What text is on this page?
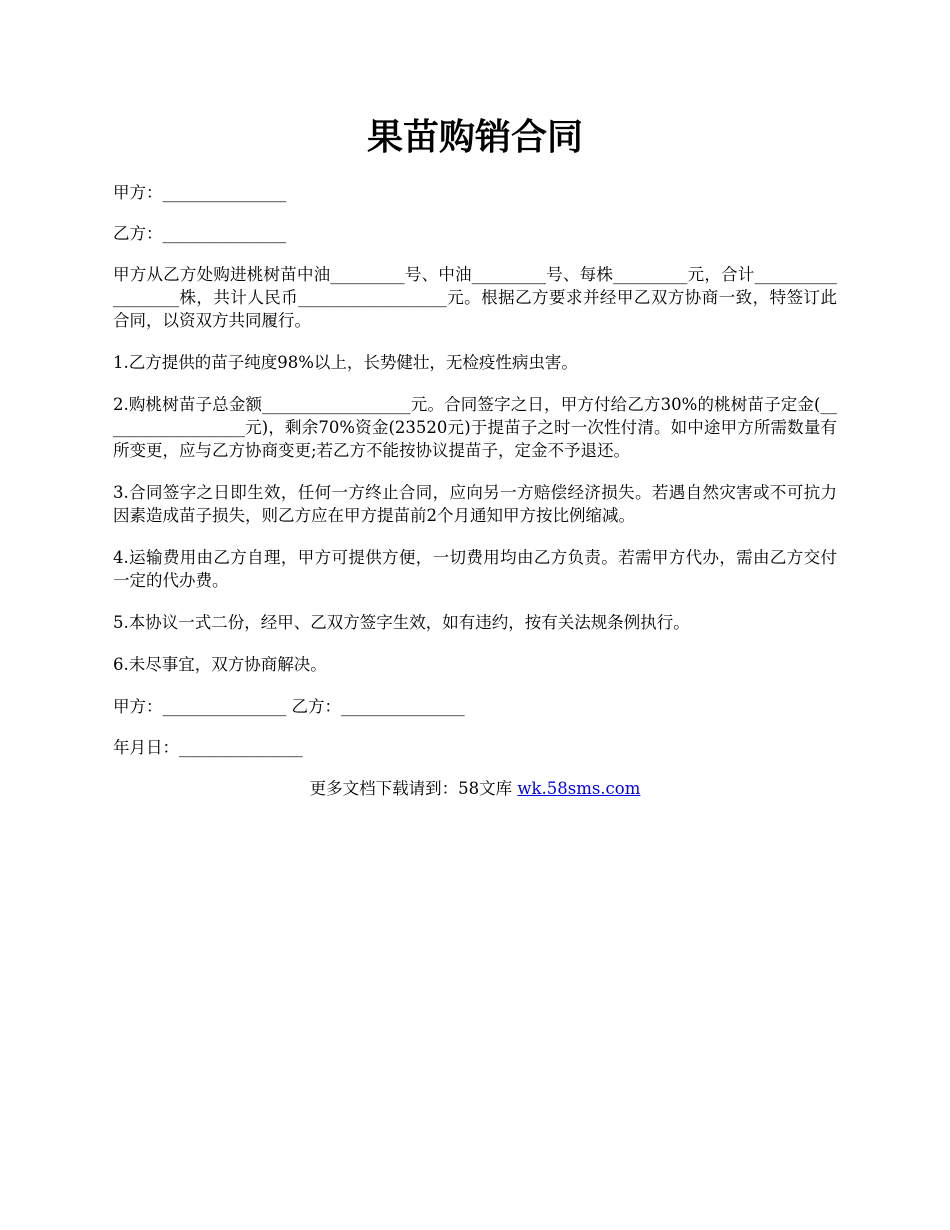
果苗购销合同

甲方：_______________

乙方：_______________

甲方从乙方处购进桃树苗中油_________号、中油_________号、每株_________元，合计__________________株，共计人民币__________________元。根据乙方要求并经甲乙双方协商一致，特签订此合同，以资双方共同履行。

1.乙方提供的苗子纯度98%以上，长势健壮，无检疫性病虫害。

2.购桃树苗子总金额__________________元。合同签字之日，甲方付给乙方30%的桃树苗子定金(__________________元)，剩余70%资金(23520元)于提苗子之时一次性付清。如中途甲方所需数量有所变更，应与乙方协商变更;若乙方不能按协议提苗子，定金不予退还。

3.合同签字之日即生效，任何一方终止合同，应向另一方赔偿经济损失。若遇自然灾害或不可抗力因素造成苗子损失，则乙方应在甲方提苗前2个月通知甲方按比例缩减。

4.运输费用由乙方自理，甲方可提供方便，一切费用均由乙方负责。若需甲方代办，需由乙方交付一定的代办费。

5.本协议一式二份，经甲、乙双方签字生效，如有违约，按有关法规条例执行。

6.未尽事宜，双方协商解决。

甲方：_______________ 乙方：_______________

年月日：_______________

更多文档下载请到：58文库 wk.58sms.com
